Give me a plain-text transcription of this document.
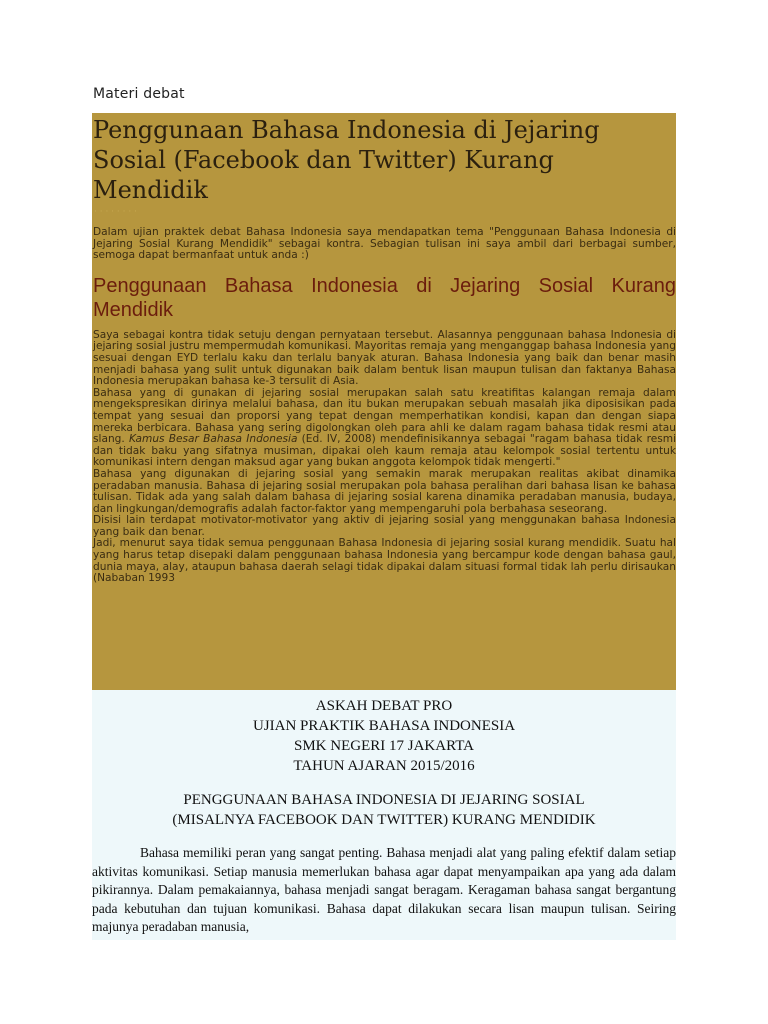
Materi debat
Penggunaan Bahasa Indonesia di Jejaring Sosial (Facebook dan Twitter) Kurang Mendidik
· · · · · · · ·

Dalam ujian praktek debat Bahasa Indonesia saya mendapatkan tema "Penggunaan Bahasa Indonesia di Jejaring Sosial Kurang Mendidik" sebagai kontra. Sebagian tulisan ini saya ambil dari berbagai sumber, semoga dapat bermanfaat untuk anda :)

Penggunaan Bahasa Indonesia di Jejaring Sosial Kurang Mendidik

Saya sebagai kontra tidak setuju dengan pernyataan tersebut. Alasannya penggunaan bahasa Indonesia di jejaring sosial justru mempermudah komunikasi. Mayoritas remaja yang menganggap bahasa Indonesia yang sesuai dengan EYD terlalu kaku dan terlalu banyak aturan. Bahasa Indonesia yang baik dan benar masih menjadi bahasa yang sulit untuk digunakan baik dalam bentuk lisan maupun tulisan dan faktanya Bahasa Indonesia merupakan bahasa ke-3 tersulit di Asia.

Bahasa yang di gunakan di jejaring sosial merupakan salah satu kreatifitas kalangan remaja dalam mengekspresikan dirinya melalui bahasa, dan itu bukan merupakan sebuah masalah jika diposisikan pada tempat yang sesuai dan proporsi yang tepat dengan memperhatikan kondisi, kapan dan dengan siapa mereka berbicara. Bahasa yang sering digolongkan oleh para ahli ke dalam ragam bahasa tidak resmi atau slang. Kamus Besar Bahasa Indonesia (Ed. IV, 2008) mendefinisikannya sebagai "ragam bahasa tidak resmi dan tidak baku yang sifatnya musiman, dipakai oleh kaum remaja atau kelompok sosial tertentu untuk komunikasi intern dengan maksud agar yang bukan anggota kelompok tidak mengerti."

Bahasa yang digunakan di jejaring sosial yang semakin marak merupakan realitas akibat dinamika peradaban manusia. Bahasa di jejaring sosial merupakan pola bahasa peralihan dari bahasa lisan ke bahasa tulisan. Tidak ada yang salah dalam bahasa di jejaring sosial karena dinamika peradaban manusia, budaya, dan lingkungan/demografis adalah factor-faktor yang mempengaruhi pola berbahasa seseorang.

Disisi lain terdapat motivator-motivator yang aktiv di jejaring sosial yang menggunakan bahasa Indonesia yang baik dan benar.

Jadi, menurut saya tidak semua penggunaan Bahasa Indonesia di jejaring sosial kurang mendidik. Suatu hal yang harus tetap disepaki dalam penggunaan bahasa Indonesia yang bercampur kode dengan bahasa gaul, dunia maya, alay, ataupun bahasa daerah selagi tidak dipakai dalam situasi formal tidak lah perlu dirisaukan (Nababan 1993

ASKAH DEBAT PRO
UJIAN PRAKTIK BAHASA INDONESIA
SMK NEGERI 17 JAKARTA
TAHUN AJARAN 2015/2016
PENGGUNAAN BAHASA INDONESIA DI JEJARING SOSIAL
(MISALNYA FACEBOOK DAN TWITTER) KURANG MENDIDIK

Bahasa memiliki peran yang sangat penting. Bahasa menjadi alat yang paling efektif dalam setiap aktivitas komunikasi. Setiap manusia memerlukan bahasa agar dapat menyampaikan apa yang ada dalam pikirannya. Dalam pemakaiannya, bahasa menjadi sangat beragam. Keragaman bahasa sangat bergantung pada kebutuhan dan tujuan komunikasi. Bahasa dapat dilakukan secara lisan maupun tulisan. Seiring majunya peradaban manusia,
